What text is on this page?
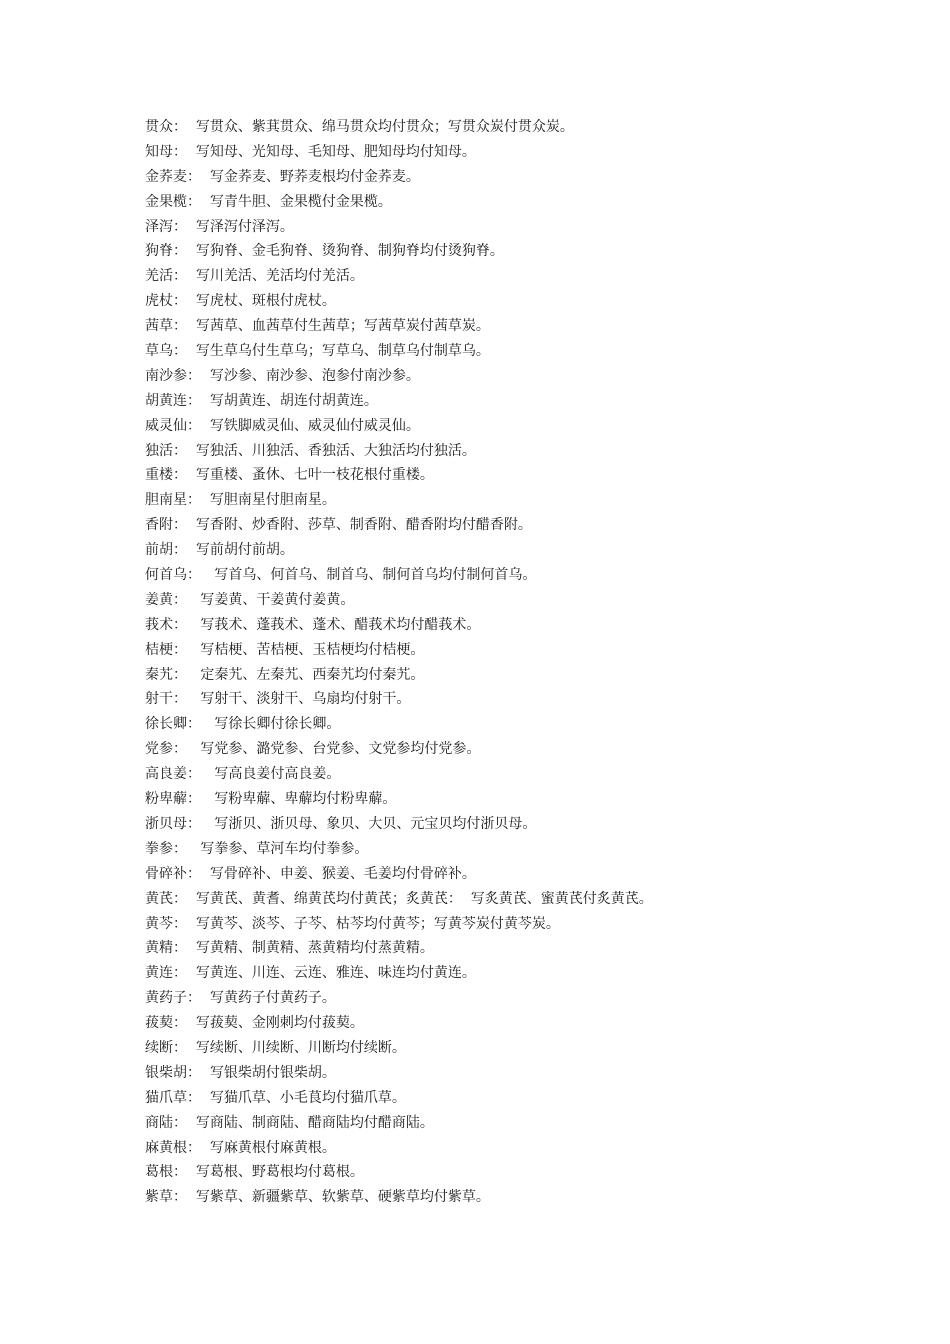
贯众：  写贯众、紫萁贯众、绵马贯众均付贯众；写贯众炭付贯众炭。
知母：  写知母、光知母、毛知母、肥知母均付知母。
金荞麦：  写金荞麦、野荞麦根均付金荞麦。
金果榄：  写青牛胆、金果榄付金果榄。
泽泻：  写泽泻付泽泻。
狗脊：  写狗脊、金毛狗脊、烫狗脊、制狗脊均付烫狗脊。
羌活：  写川羌活、羌活均付羌活。
虎杖：  写虎杖、斑根付虎杖。
茜草：  写茜草、血茜草付生茜草；写茜草炭付茜草炭。
草乌：  写生草乌付生草乌；写草乌、制草乌付制草乌。
南沙参：  写沙参、南沙参、泡参付南沙参。
胡黄连：  写胡黄连、胡连付胡黄连。
威灵仙：  写铁脚威灵仙、威灵仙付威灵仙。
独活：  写独活、川独活、香独活、大独活均付独活。
重楼：  写重楼、蚤休、七叶一枝花根付重楼。
胆南星：  写胆南星付胆南星。
香附：  写香附、炒香附、莎草、制香附、醋香附均付醋香附。
前胡：  写前胡付前胡。
何首乌：   写首乌、何首乌、制首乌、制何首乌均付制何首乌。
姜黄：   写姜黄、干姜黄付姜黄。
莪术：   写莪术、蓬莪术、蓬术、醋莪术均付醋莪术。
桔梗：   写桔梗、苦桔梗、玉桔梗均付桔梗。
秦艽：   定秦艽、左秦艽、西秦艽均付秦艽。
射干：   写射干、淡射干、乌扇均付射干。
徐长卿：   写徐长卿付徐长卿。
党参：   写党参、潞党参、台党参、文党参均付党参。
高良姜：   写高良姜付高良姜。
粉卑薢：   写粉卑薢、卑薢均付粉卑薢。
浙贝母：   写浙贝、浙贝母、象贝、大贝、元宝贝均付浙贝母。
拳参：   写拳参、草河车均付拳参。
骨碎补：  写骨碎补、申姜、猴姜、毛姜均付骨碎补。
黄芪：  写黄芪、黄耆、绵黄芪均付黄芪；炙黄芪：  写炙黄芪、蜜黄芪付炙黄芪。
黄芩：  写黄芩、淡芩、子芩、枯芩均付黄芩；写黄芩炭付黄芩炭。
黄精：  写黄精、制黄精、蒸黄精均付蒸黄精。
黄连：  写黄连、川连、云连、雅连、味连均付黄连。
黄药子：  写黄药子付黄药子。
菝葜：  写菝葜、金刚刺均付菝葜。
续断：  写续断、川续断、川断均付续断。
银柴胡：  写银柴胡付银柴胡。
猫爪草：  写猫爪草、小毛茛均付猫爪草。
商陆：  写商陆、制商陆、醋商陆均付醋商陆。
麻黄根：  写麻黄根付麻黄根。
葛根：  写葛根、野葛根均付葛根。
紫草：  写紫草、新疆紫草、软紫草、硬紫草均付紫草。
